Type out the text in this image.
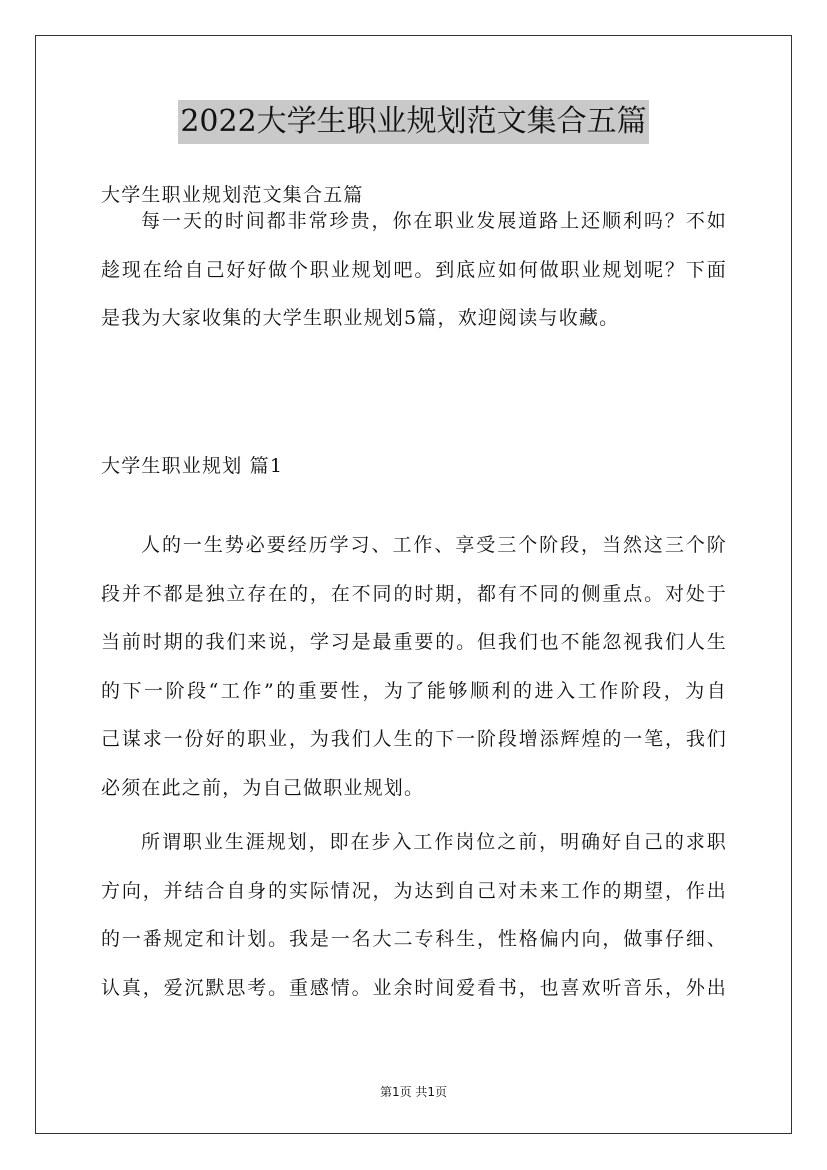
2022大学生职业规划范文集合五篇
大学生职业规划范文集合五篇
每一天的时间都非常珍贵，你在职业发展道路上还顺利吗？不如
趁现在给自己好好做个职业规划吧。到底应如何做职业规划呢？下面
是我为大家收集的大学生职业规划5篇，欢迎阅读与收藏。
大学生职业规划 篇1
人的一生势必要经历学习、工作、享受三个阶段，当然这三个阶
段并不都是独立存在的，在不同的时期，都有不同的侧重点。对处于
当前时期的我们来说，学习是最重要的。但我们也不能忽视我们人生
的下一阶段“工作”的重要性，为了能够顺利的进入工作阶段，为自
己谋求一份好的职业，为我们人生的下一阶段增添辉煌的一笔，我们
必须在此之前，为自己做职业规划。
所谓职业生涯规划，即在步入工作岗位之前，明确好自己的求职
方向，并结合自身的实际情况，为达到自己对未来工作的期望，作出
的一番规定和计划。我是一名大二专科生，性格偏内向，做事仔细、
认真，爱沉默思考。重感情。业余时间爱看书，也喜欢听音乐，外出
第1页 共1页
